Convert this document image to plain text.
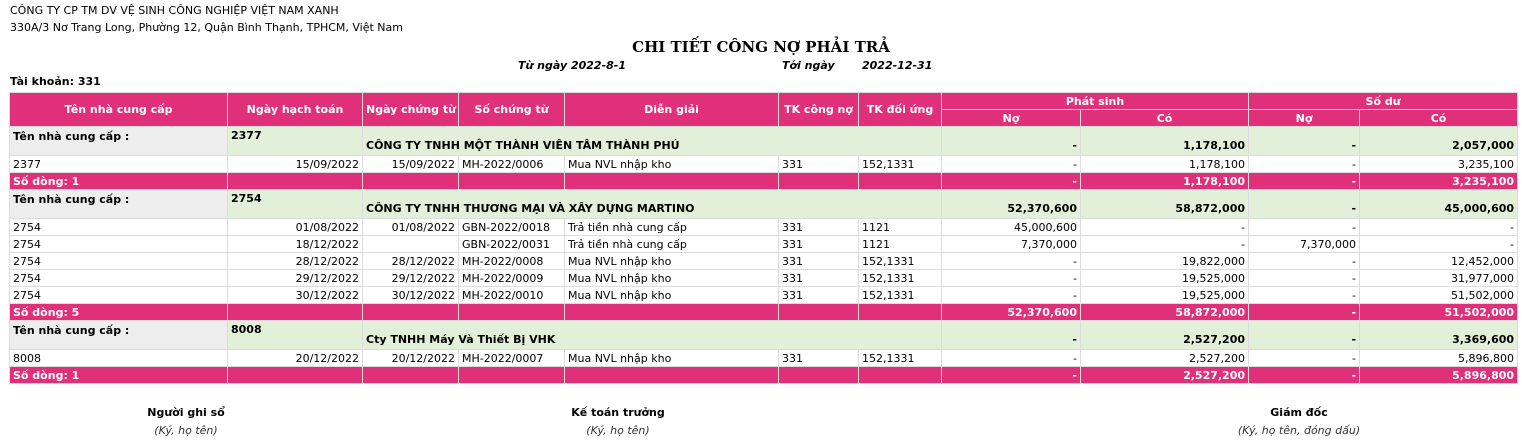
CÔNG TY CP TM DV VỆ SINH CÔNG NGHIỆP VIỆT NAM XANH
330A/3 Nơ Trang Long, Phường 12, Quận Bình Thạnh, TPHCM, Việt Nam
CHI TIẾT CÔNG NỢ PHẢI TRẢ
Từ ngày 2022-8-1	Tới ngày 2022-12-31
Tài khoản: 331
Tên nhà cung cấp	Ngày hạch toán	Ngày chứng từ	Số chứng từ	Diễn giải	TK công nợ	TK đối ứng	Phát sinh		Số dư	
							Nợ	Có	Nợ	Có
Tên nhà cung cấp :	2377	CÔNG TY TNHH MỘT THÀNH VIÊN TÂM THÀNH PHÚ					-	1,178,100	-	2,057,000
2377	15/09/2022	15/09/2022	MH-2022/0006	Mua NVL nhập kho	331	152,1331	-	1,178,100	-	3,235,100
Số dòng: 1							-	1,178,100	-	3,235,100
Tên nhà cung cấp :	2754	CÔNG TY TNHH THƯƠNG MẠI VÀ XÂY DỰNG MARTINO					52,370,600	58,872,000	-	45,000,600
2754	01/08/2022	01/08/2022	GBN-2022/0018	Trả tiền nhà cung cấp	331	1121	45,000,600	-	-	-
2754	18/12/2022		GBN-2022/0031	Trả tiền nhà cung cấp	331	1121	7,370,000	-	7,370,000	-
2754	28/12/2022	28/12/2022	MH-2022/0008	Mua NVL nhập kho	331	152,1331	-	19,822,000	-	12,452,000
2754	29/12/2022	29/12/2022	MH-2022/0009	Mua NVL nhập kho	331	152,1331	-	19,525,000	-	31,977,000
2754	30/12/2022	30/12/2022	MH-2022/0010	Mua NVL nhập kho	331	152,1331	-	19,525,000	-	51,502,000
Số dòng: 5							52,370,600	58,872,000	-	51,502,000
Tên nhà cung cấp :	8008	Cty TNHH Máy Và Thiết Bị VHK					-	2,527,200	-	3,369,600
8008	20/12/2022	20/12/2022	MH-2022/0007	Mua NVL nhập kho	331	152,1331	-	2,527,200	-	5,896,800
Số dòng: 1							-	2,527,200	-	5,896,800
Người ghi sổ
(Ký, họ tên)
Kế toán trưởng
(Ký, họ tên)
Giám đốc
(Ký, họ tên, đóng dấu)
